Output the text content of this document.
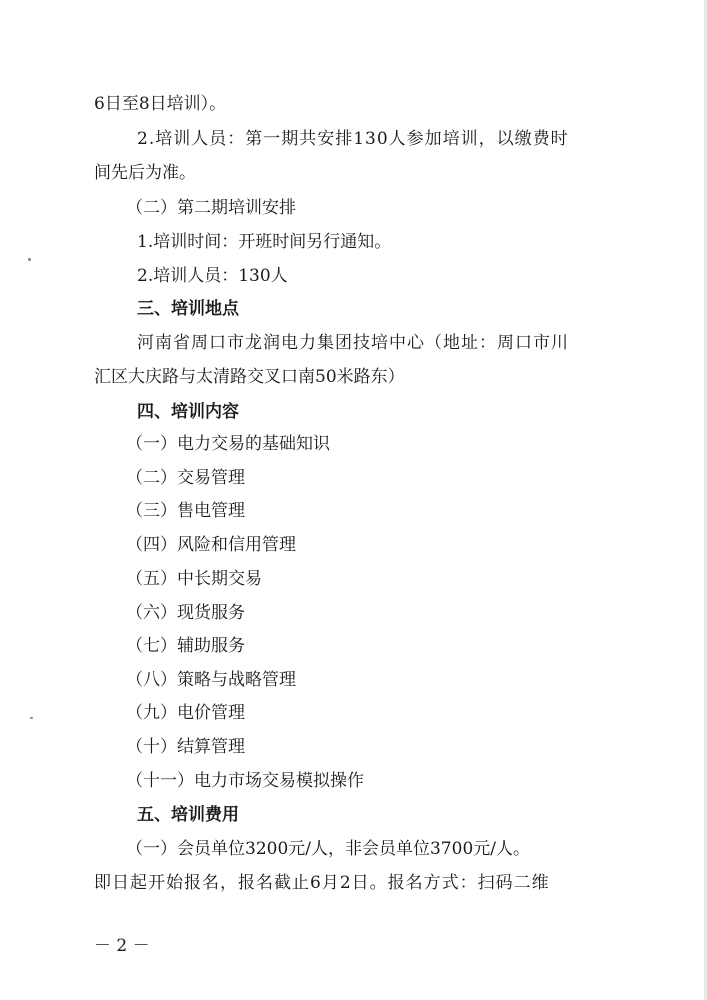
6日至8日培训）。
2.培训人员：第一期共安排130人参加培训，以缴费时
间先后为准。
（二）第二期培训安排
1.培训时间：开班时间另行通知。
2.培训人员：130人
三、培训地点
河南省周口市龙润电力集团技培中心（地址：周口市川
汇区大庆路与太清路交叉口南50米路东）
四、培训内容
（一）电力交易的基础知识
（二）交易管理
（三）售电管理
（四）风险和信用管理
（五）中长期交易
（六）现货服务
（七）辅助服务
（八）策略与战略管理
（九）电价管理
（十）结算管理
（十一）电力市场交易模拟操作
五、培训费用
（一）会员单位3200元/人，非会员单位3700元/人。
即日起开始报名，报名截止6月2日。报名方式：扫码二维
－ 2 －
